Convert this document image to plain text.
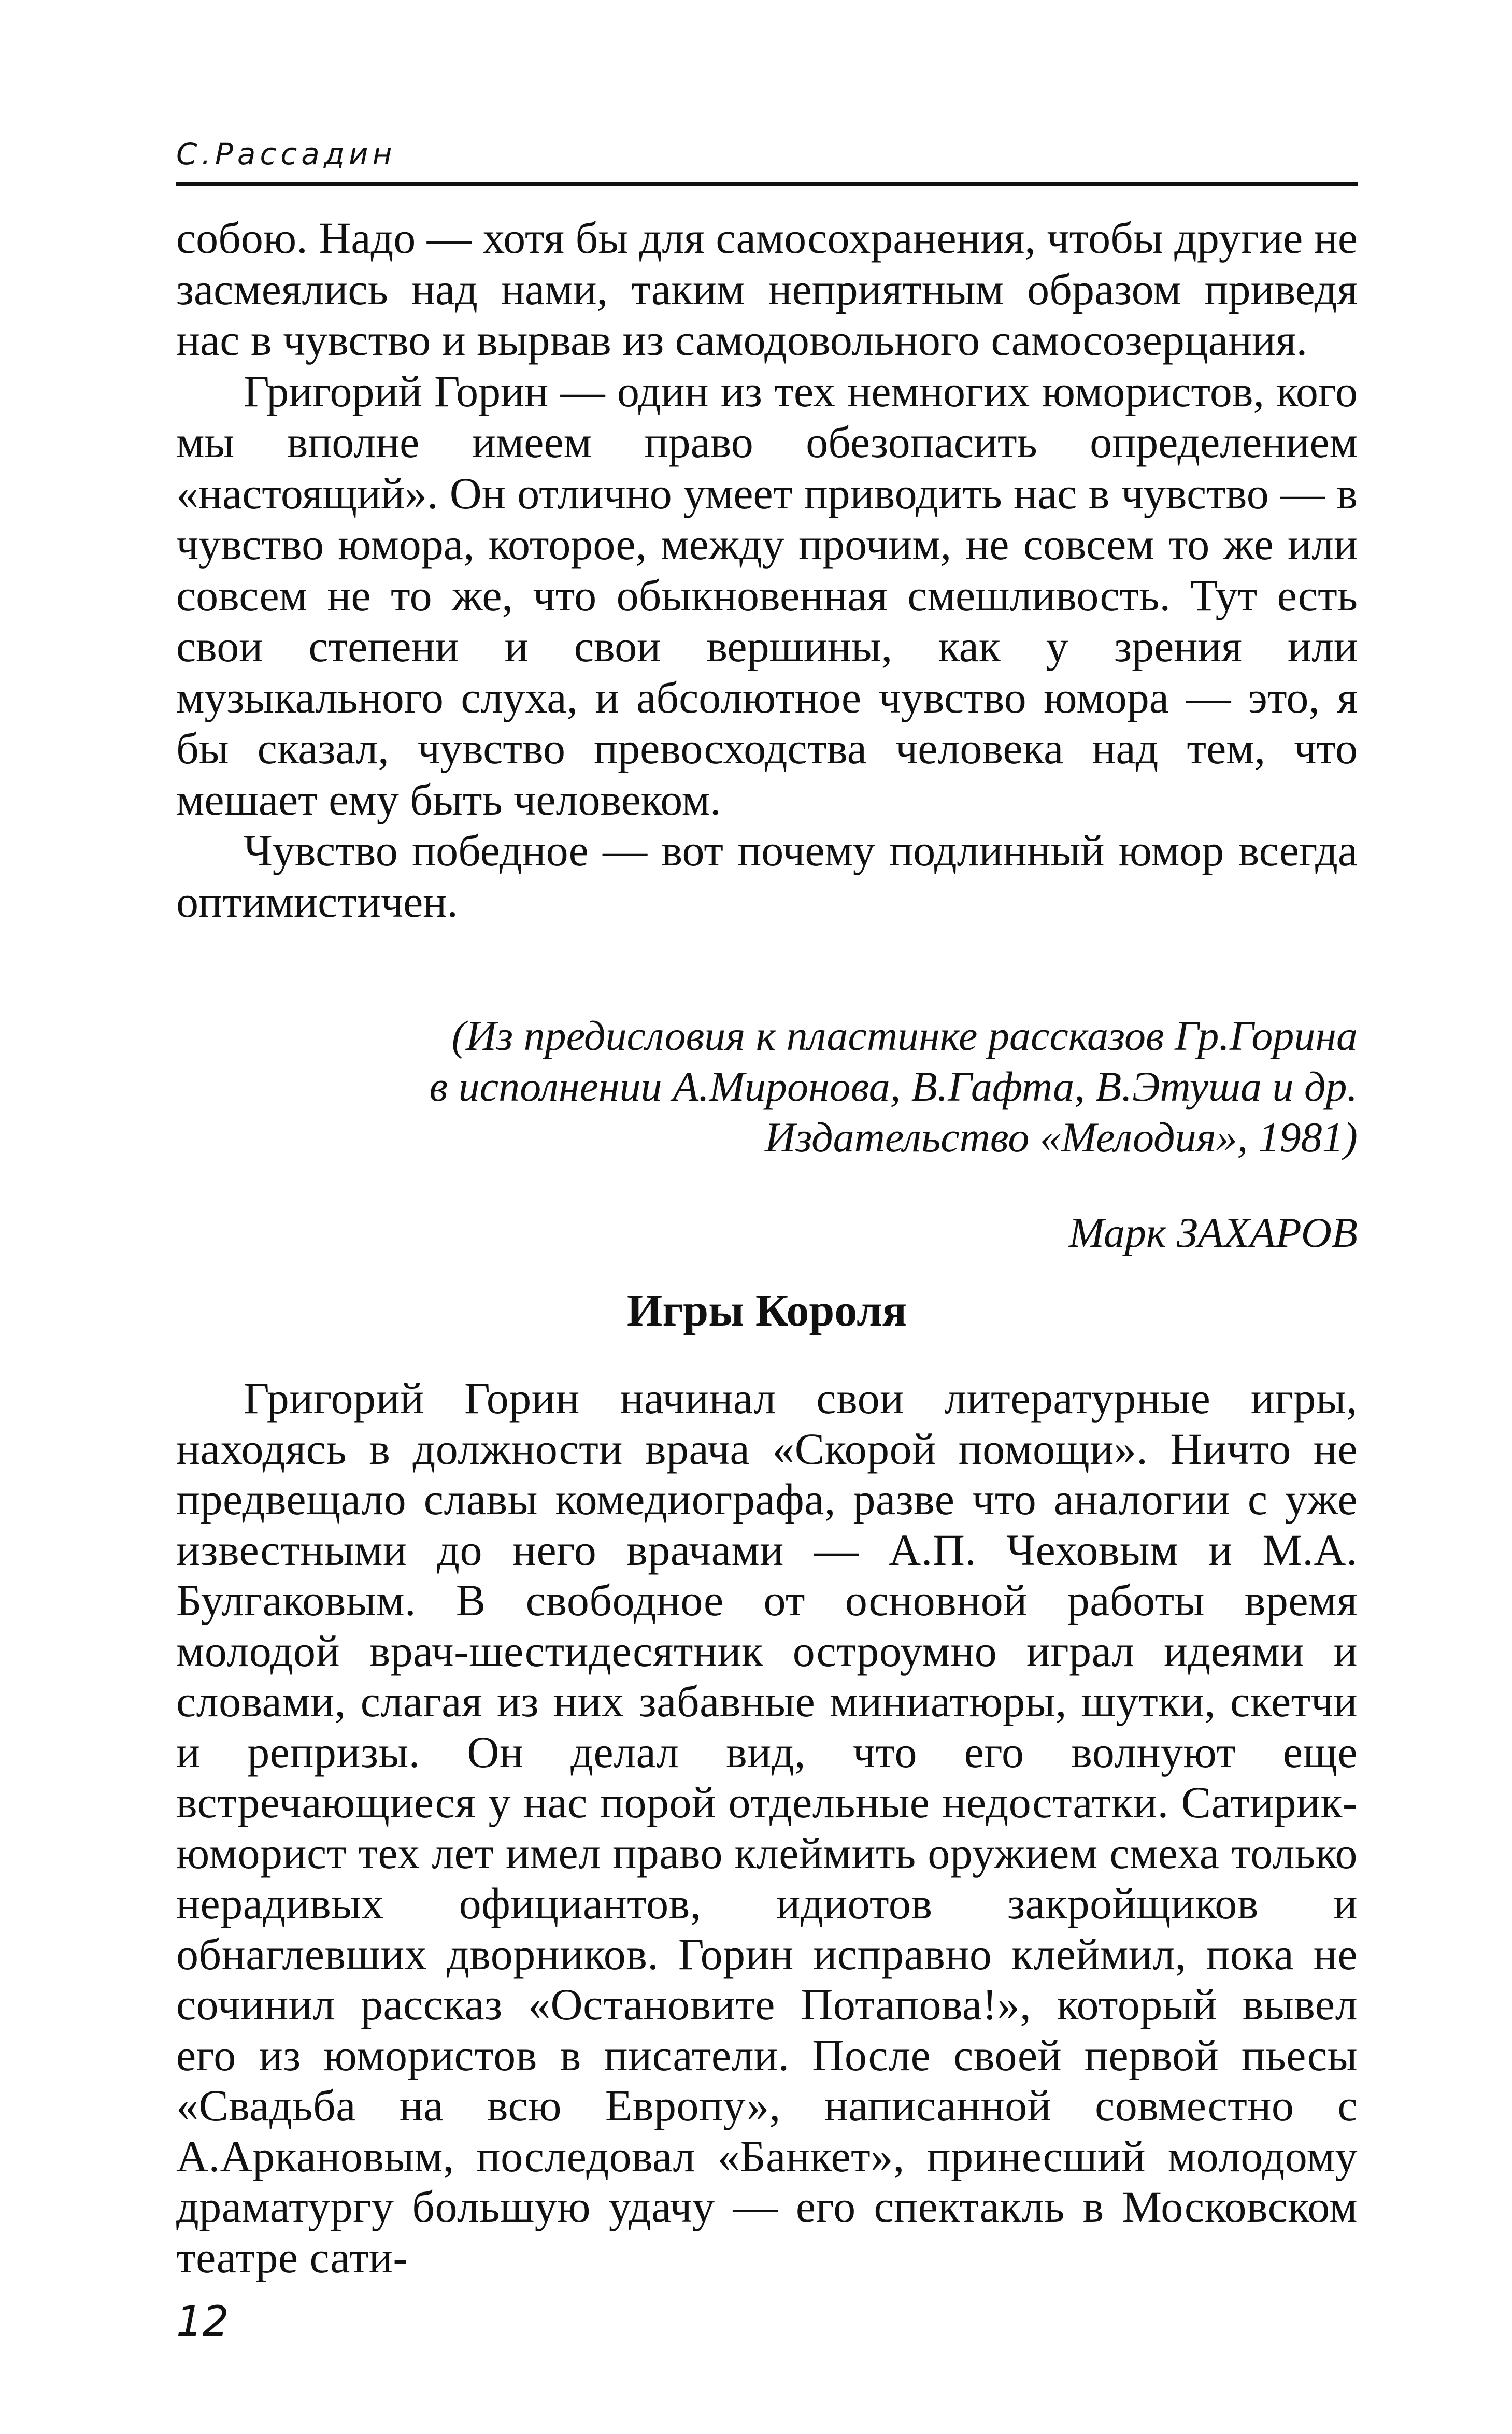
С.Рассадин

собою. Надо — хотя бы для самосохранения, чтобы другие не засмеялись над нами, таким неприятным образом приведя нас в чувство и вырвав из самодовольного самосозерцания.

Григорий Горин — один из тех немногих юмористов, кого мы вполне имеем право обезопасить определением «настоящий». Он отлично умеет приводить нас в чувство — в чувство юмора, которое, между прочим, не совсем то же или совсем не то же, что обыкновенная смешливость. Тут есть свои степени и свои вершины, как у зрения или музыкального слуха, и абсолютное чувство юмора — это, я бы сказал, чувство превосходства человека над тем, что мешает ему быть человеком.

Чувство победное — вот почему подлинный юмор всегда оптимистичен.

(Из предисловия к пластинке рассказов Гр.Горина
в исполнении А.Миронова, В.Гафта, В.Этуша и др.
Издательство «Мелодия», 1981)
Марк ЗАХАРОВ
Игры Короля

Григорий Горин начинал свои литературные игры, находясь в должности врача «Скорой помощи». Ничто не предвещало славы комедиографа, разве что аналогии с уже известными до него врачами — А.П. Чеховым и М.А. Булгаковым. В свободное от основной работы время молодой врач-шестидесятник остроумно играл идеями и словами, слагая из них забавные миниатюры, шутки, скетчи и репризы. Он делал вид, что его волнуют еще встречающиеся у нас порой отдельные недостатки. Сатирик-юморист тех лет имел право клеймить оружием смеха только нерадивых официантов, идиотов закройщиков и обнаглевших дворников. Горин исправно клеймил, пока не сочинил рассказ «Остановите Потапова!», который вывел его из юмористов в писатели. После своей первой пьесы «Свадьба на всю Европу», написанной совместно с А.Аркановым, последовал «Банкет», принесший молодому драматургу большую удачу — его спектакль в Московском театре сати-

12
